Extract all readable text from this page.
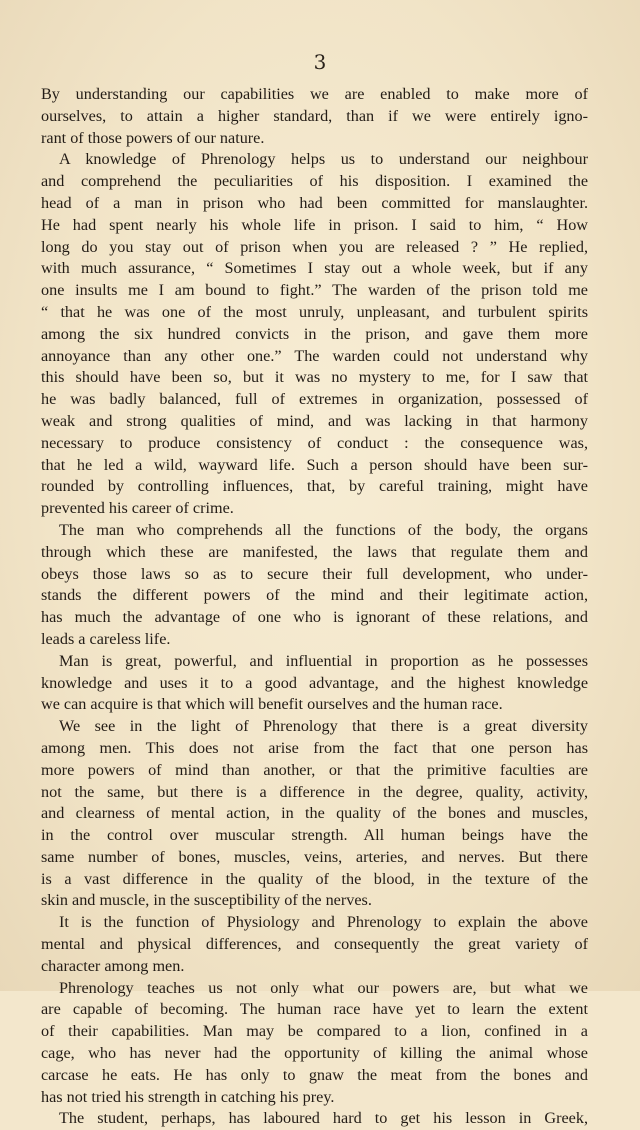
3
By understanding our capabilities we are enabled to make more of
ourselves, to attain a higher standard, than if we were entirely igno-
rant of those powers of our nature.
A knowledge of Phrenology helps us to understand our neighbour
and comprehend the peculiarities of his disposition. I examined the
head of a man in prison who had been committed for manslaughter.
He had spent nearly his whole life in prison. I said to him, “ How
long do you stay out of prison when you are released ? ” He replied,
with much assurance, “ Sometimes I stay out a whole week, but if any
one insults me I am bound to fight.” The warden of the prison told me
“ that he was one of the most unruly, unpleasant, and turbulent spirits
among the six hundred convicts in the prison, and gave them more
annoyance than any other one.” The warden could not understand why
this should have been so, but it was no mystery to me, for I saw that
he was badly balanced, full of extremes in organization, possessed of
weak and strong qualities of mind, and was lacking in that harmony
necessary to produce consistency of conduct : the consequence was,
that he led a wild, wayward life. Such a person should have been sur-
rounded by controlling influences, that, by careful training, might have
prevented his career of crime.
The man who comprehends all the functions of the body, the organs
through which these are manifested, the laws that regulate them and
obeys those laws so as to secure their full development, who under-
stands the different powers of the mind and their legitimate action,
has much the advantage of one who is ignorant of these relations, and
leads a careless life.
Man is great, powerful, and influential in proportion as he possesses
knowledge and uses it to a good advantage, and the highest knowledge
we can acquire is that which will benefit ourselves and the human race.
We see in the light of Phrenology that there is a great diversity
among men. This does not arise from the fact that one person has
more powers of mind than another, or that the primitive faculties are
not the same, but there is a difference in the degree, quality, activity,
and clearness of mental action, in the quality of the bones and muscles,
in the control over muscular strength. All human beings have the
same number of bones, muscles, veins, arteries, and nerves. But there
is a vast difference in the quality of the blood, in the texture of the
skin and muscle, in the susceptibility of the nerves.
It is the function of Physiology and Phrenology to explain the above
mental and physical differences, and consequently the great variety of
character among men.
Phrenology teaches us not only what our powers are, but what we
are capable of becoming. The human race have yet to learn the extent
of their capabilities. Man may be compared to a lion, confined in a
cage, who has never had the opportunity of killing the animal whose
carcase he eats. He has only to gnaw the meat from the bones and
has not tried his strength in catching his prey.
The student, perhaps, has laboured hard to get his lesson in Greek,
